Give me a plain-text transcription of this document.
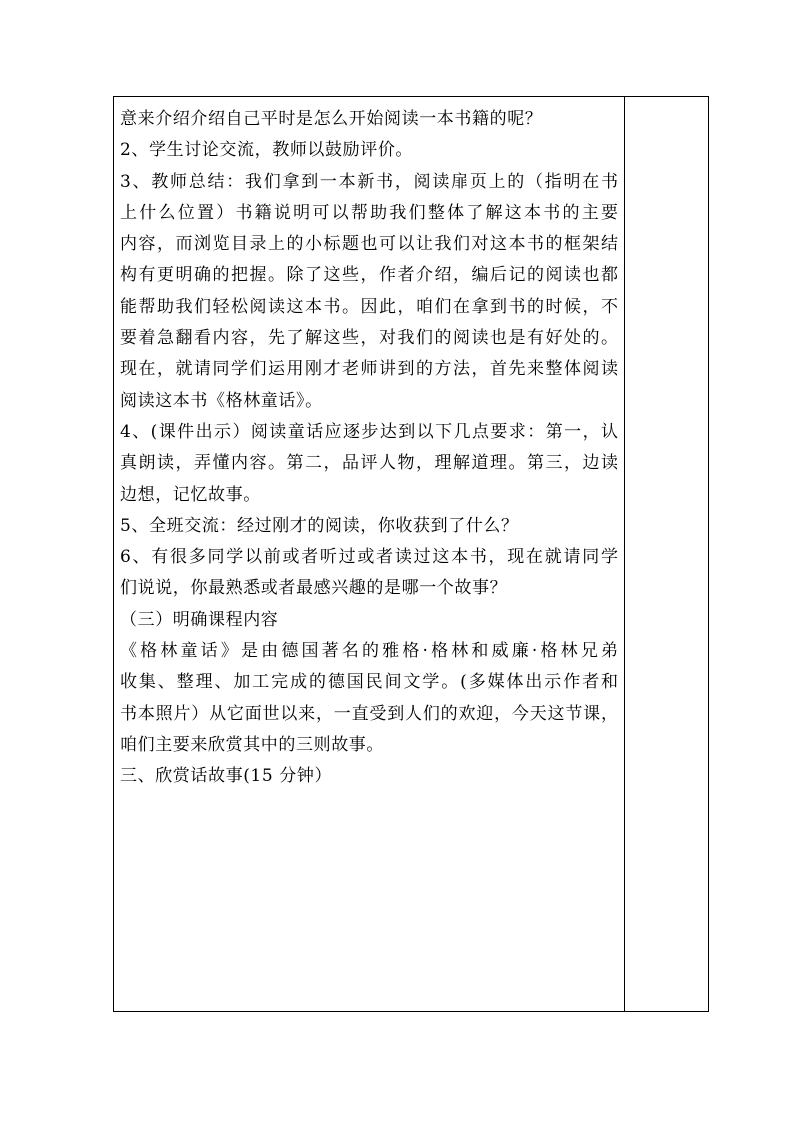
意来介绍介绍自己平时是怎么开始阅读一本书籍的呢？
2、学生讨论交流，教师以鼓励评价。
3、教师总结：我们拿到一本新书，阅读扉页上的（指明在书
上什么位置）书籍说明可以帮助我们整体了解这本书的主要
内容，而浏览目录上的小标题也可以让我们对这本书的框架结
构有更明确的把握。除了这些，作者介绍，编后记的阅读也都
能帮助我们轻松阅读这本书。因此，咱们在拿到书的时候，不
要着急翻看内容，先了解这些，对我们的阅读也是有好处的。
现在，就请同学们运用刚才老师讲到的方法，首先来整体阅读
阅读这本书《格林童话》。
4、(课件出示）阅读童话应逐步达到以下几点要求：第一，认
真朗读，弄懂内容。第二，品评人物，理解道理。第三，边读
边想，记忆故事。
5、全班交流：经过刚才的阅读，你收获到了什么？
6、有很多同学以前或者听过或者读过这本书，现在就请同学
们说说，你最熟悉或者最感兴趣的是哪一个故事？
（三）明确课程内容
《格林童话》是由德国著名的雅格·格林和威廉·格林兄弟
收集、整理、加工完成的德国民间文学。(多媒体出示作者和
书本照片）从它面世以来，一直受到人们的欢迎，今天这节课，
咱们主要来欣赏其中的三则故事。
三、欣赏话故事(15 分钟）
